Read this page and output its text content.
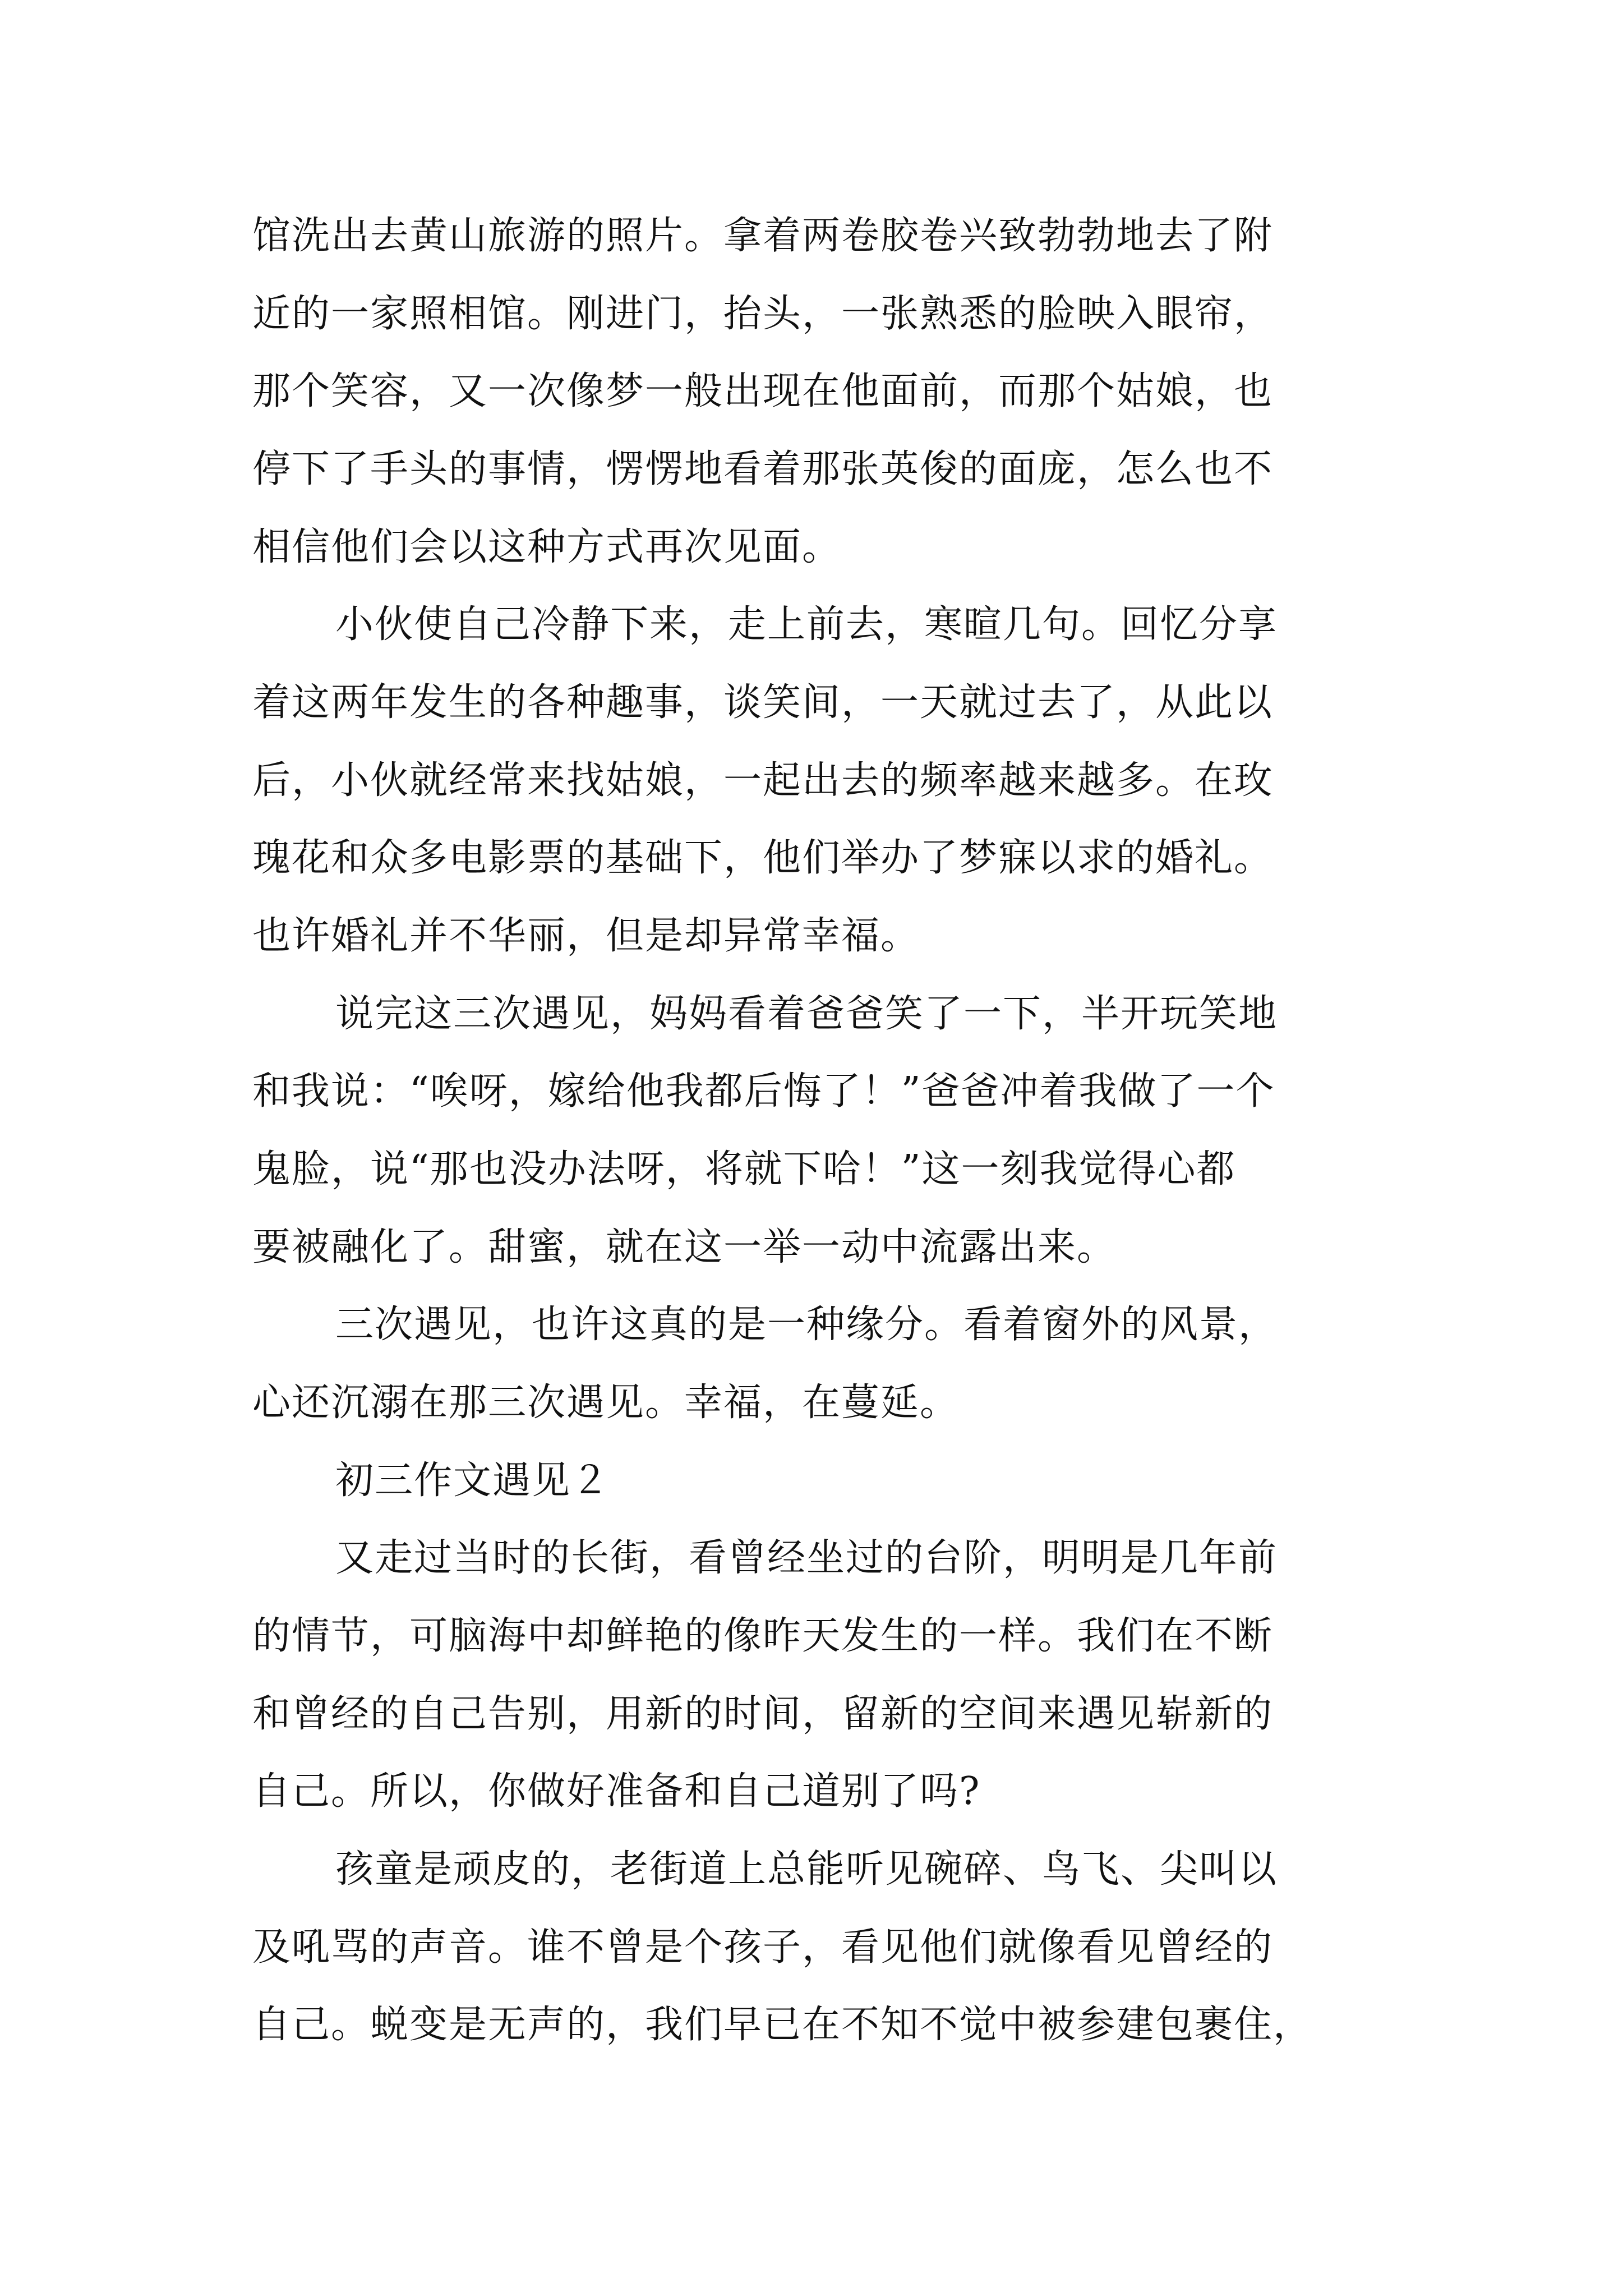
馆洗出去黄山旅游的照片。拿着两卷胶卷兴致勃勃地去了附
近的一家照相馆。刚进门，抬头，一张熟悉的脸映入眼帘，
那个笑容，又一次像梦一般出现在他面前，而那个姑娘，也
停下了手头的事情，愣愣地看着那张英俊的面庞，怎么也不
相信他们会以这种方式再次见面。
小伙使自己冷静下来，走上前去，寒暄几句。回忆分享
着这两年发生的各种趣事，谈笑间，一天就过去了，从此以
后，小伙就经常来找姑娘，一起出去的频率越来越多。在玫
瑰花和众多电影票的基础下，他们举办了梦寐以求的婚礼。
也许婚礼并不华丽，但是却异常幸福。
说完这三次遇见，妈妈看着爸爸笑了一下，半开玩笑地
和我说：“唉呀，嫁给他我都后悔了！”爸爸冲着我做了一个
鬼脸，说“那也没办法呀，将就下哈！”这一刻我觉得心都
要被融化了。甜蜜，就在这一举一动中流露出来。
三次遇见，也许这真的是一种缘分。看着窗外的风景，
心还沉溺在那三次遇见。幸福，在蔓延。
初三作文遇见２
又走过当时的长街，看曾经坐过的台阶，明明是几年前
的情节，可脑海中却鲜艳的像昨天发生的一样。我们在不断
和曾经的自己告别，用新的时间，留新的空间来遇见崭新的
自己。所以，你做好准备和自己道别了吗?
孩童是顽皮的，老街道上总能听见碗碎、鸟飞、尖叫以
及吼骂的声音。谁不曾是个孩子，看见他们就像看见曾经的
自己。蜕变是无声的，我们早已在不知不觉中被参建包裹住，
